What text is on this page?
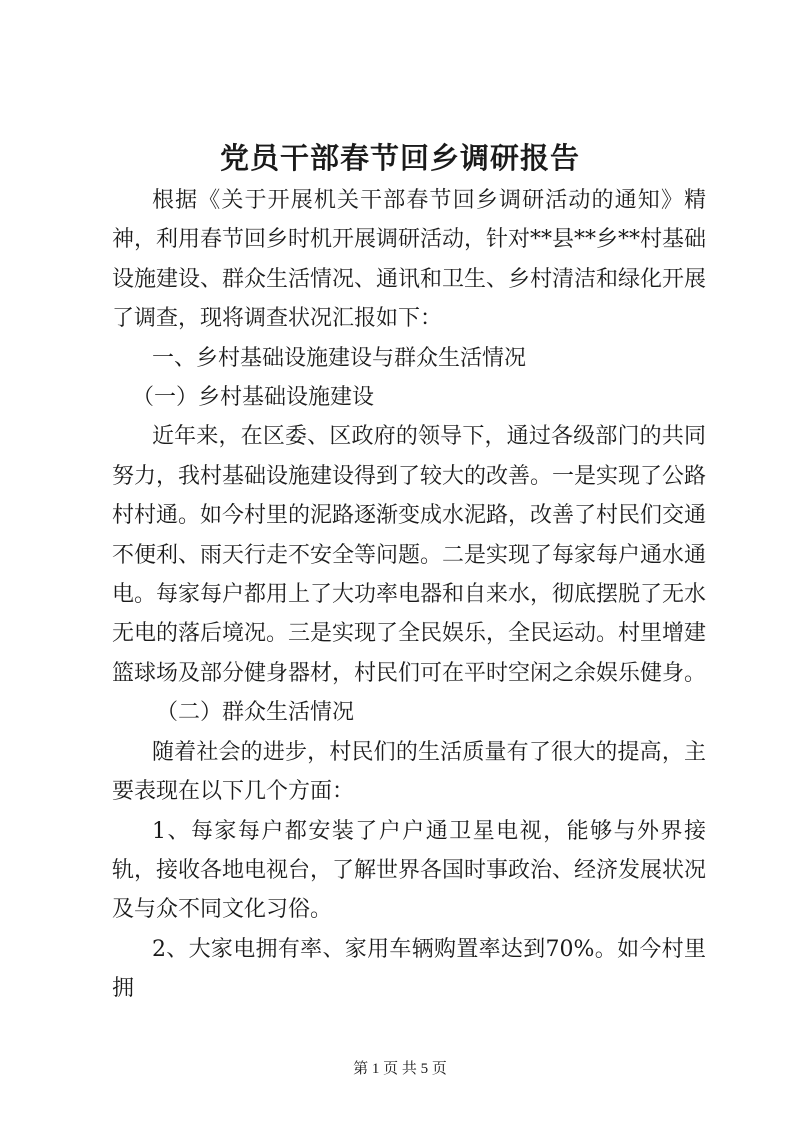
党员干部春节回乡调研报告

根据《关于开展机关干部春节回乡调研活动的通知》精神，利用春节回乡时机开展调研活动，针对**县**乡**村基础设施建设、群众生活情况、通讯和卫生、乡村清洁和绿化开展了调查，现将调查状况汇报如下：

一、乡村基础设施建设与群众生活情况

（一）乡村基础设施建设

近年来，在区委、区政府的领导下，通过各级部门的共同努力，我村基础设施建设得到了较大的改善。一是实现了公路村村通。如今村里的泥路逐渐变成水泥路，改善了村民们交通不便利、雨天行走不安全等问题。二是实现了每家每户通水通电。每家每户都用上了大功率电器和自来水，彻底摆脱了无水无电的落后境况。三是实现了全民娱乐，全民运动。村里增建篮球场及部分健身器材，村民们可在平时空闲之余娱乐健身。

（二）群众生活情况

随着社会的进步，村民们的生活质量有了很大的提高，主要表现在以下几个方面：

1、每家每户都安装了户户通卫星电视，能够与外界接轨，接收各地电视台，了解世界各国时事政治、经济发展状况及与众不同文化习俗。

2、大家电拥有率、家用车辆购置率达到70%。如今村里拥

第 1 页 共 5 页
